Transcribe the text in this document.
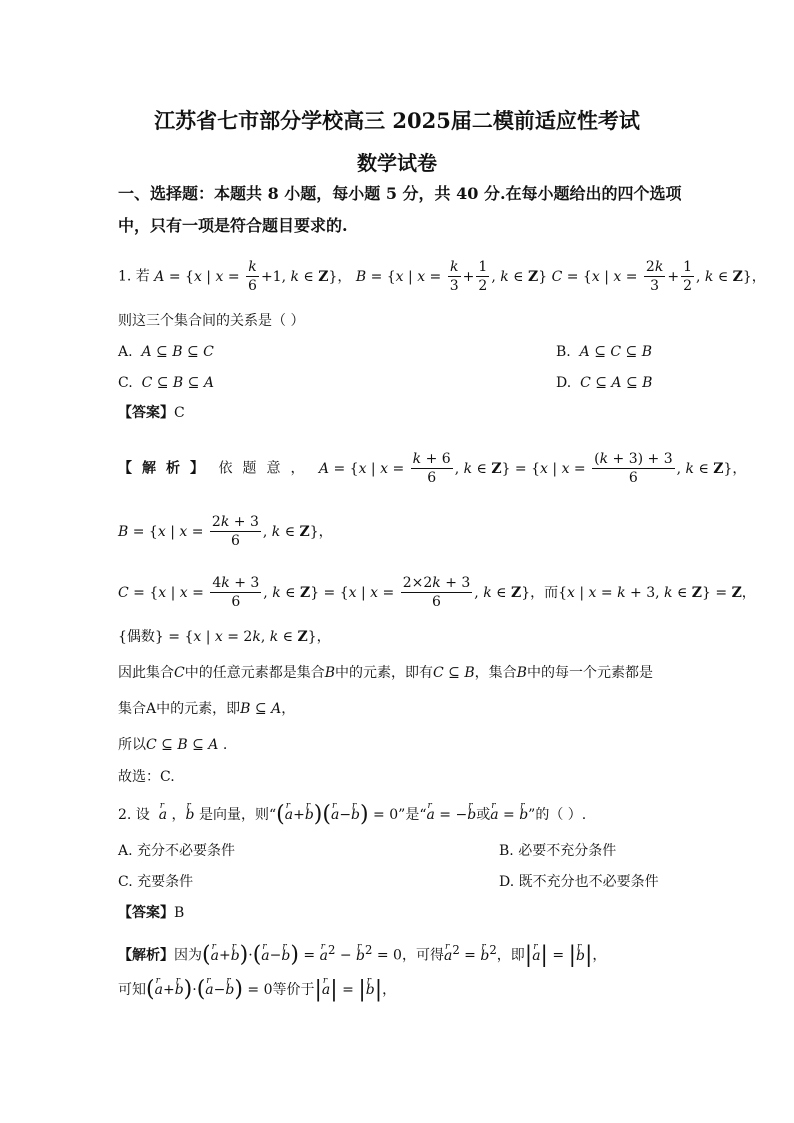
江苏省七市部分学校高三 2025届二模前适应性考试
数学试卷
一、选择题：本题共 8 小题，每小题 5 分，共 40 分.在每小题给出的四个选项
中，只有一项是符合题目要求的.
1. 若 A = {x | $x = \frac{k}{6} +1$, k ∈ Z}， B = {x | $x = \frac{k}{3} + \frac{1}{2}$ , k ∈ Z} C = {x | $x = \frac{2k}{3} + \frac{1}{2}$ , k ∈ Z}，
则这三个集合间的关系是（ ）
A. A ⊆ B ⊆ C	B. A ⊆ C ⊆ B
C. C ⊆ B ⊆ A	D. C ⊆ A ⊆ B
【答案】C
【解析】 依题意， A = {x | $x = \frac{k + 6}{6}$ , k ∈ Z} = {x | $x = \frac{(k + 3) + 3}{6}$ , k ∈ Z}，
B = {x | $x = \frac{2k + 3}{6}$ , k ∈ Z}，
C = {x | $x = \frac{4k + 3}{6}$ , k ∈ Z} = {x | $x = \frac{2\times 2k + 3}{6}$ , k ∈ Z}，而{x | x = k + 3, k ∈ Z} = Z，
{偶数} = {x | x = 2k, k ∈ Z}，
因此集合C中的任意元素都是集合B中的元素，即有C ⊆ B，集合B中的每一个元素都是
集合A中的元素，即B ⊆ A，
所以C ⊆ B ⊆ A .
故选：C.
2. 设  r a ，r b 是向量，则“(r a+r b)(r a−r b) = 0”是“r a = −r b或r a = r b”的（ ）.
A. 充分不必要条件	B. 必要不充分条件
C. 充要条件	D. 既不充分也不必要条件
【答案】B
【解析】因为(r a+r b)·(r a−r b) = r $a^2 - r$ $b^2 = 0$，可得r $a^2 = r$ $b^2$，即|r a| = |r b|，
可知(r a+r b)·(r a−r b) = 0等价于|r a| = |r b|，
